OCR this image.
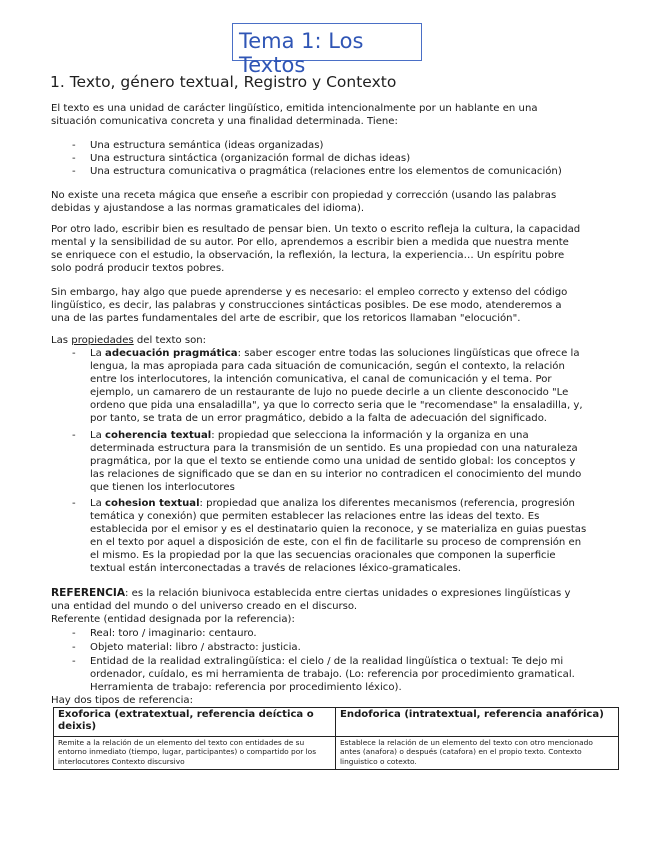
Tema 1: Los Textos
1. Texto, género textual, Registro y Contexto
El texto es una unidad de carácter lingüístico, emitida intencionalmente por un hablante en una
situación comunicativa concreta y una finalidad determinada. Tiene:
- Una estructura semántica (ideas organizadas)
- Una estructura sintáctica (organización formal de dichas ideas)
- Una estructura comunicativa o pragmática (relaciones entre los elementos de comunicación)
No existe una receta mágica que enseñe a escribir con propiedad y corrección (usando las palabras
debidas y ajustandose a las normas gramaticales del idioma).
Por otro lado, escribir bien es resultado de pensar bien. Un texto o escrito refleja la cultura, la capacidad
mental y la sensibilidad de su autor. Por ello, aprendemos a escribir bien a medida que nuestra mente
se enriquece con el estudio, la observación, la reflexión, la lectura, la experiencia… Un espíritu pobre
solo podrá producir textos pobres.
Sin embargo, hay algo que puede aprenderse y es necesario: el empleo correcto y extenso del código
lingüístico, es decir, las palabras y construcciones sintácticas posibles. De ese modo, atenderemos a
una de las partes fundamentales del arte de escribir, que los retoricos llamaban "elocución".
Las propiedades del texto son:
- La adecuación pragmática: saber escoger entre todas las soluciones lingüísticas que ofrece la
lengua, la mas apropiada para cada situación de comunicación, según el contexto, la relación
entre los interlocutores, la intención comunicativa, el canal de comunicación y el tema. Por
ejemplo, un camarero de un restaurante de lujo no puede decirle a un cliente desconocido "Le
ordeno que pida una ensaladilla", ya que lo correcto seria que le "recomendase" la ensaladilla, y,
por tanto, se trata de un error pragmático, debido a la falta de adecuación del significado.
- La coherencia textual: propiedad que selecciona la información y la organiza en una
determinada estructura para la transmisión de un sentido. Es una propiedad con una naturaleza
pragmática, por la que el texto se entiende como una unidad de sentido global: los conceptos y
las relaciones de significado que se dan en su interior no contradicen el conocimiento del mundo
que tienen los interlocutores
- La cohesion textual: propiedad que analiza los diferentes mecanismos (referencia, progresión
temática y conexión) que permiten establecer las relaciones entre las ideas del texto. Es
establecida por el emisor y es el destinatario quien la reconoce, y se materializa en guias puestas
en el texto por aquel a disposición de este, con el fin de facilitarle su proceso de comprensión en
el mismo. Es la propiedad por la que las secuencias oracionales que componen la superficie
textual están interconectadas a través de relaciones léxico-gramaticales.
REFERENCIA: es la relación biunivoca establecida entre ciertas unidades o expresiones lingüísticas y
una entidad del mundo o del universo creado en el discurso.
Referente (entidad designada por la referencia):
- Real: toro / imaginario: centauro.
- Objeto material: libro / abstracto: justicia.
- Entidad de la realidad extralingüística: el cielo / de la realidad lingüística o textual: Te dejo mi
ordenador, cuídalo, es mi herramienta de trabajo. (Lo: referencia por procedimiento gramatical.
Herramienta de trabajo: referencia por procedimiento léxico).
Hay dos tipos de referencia:
Exoforica (extratextual, referencia deíctica o deixis)	Endoforica (intratextual, referencia anafórica)
Remite a la relación de un elemento del texto con entidades de su entorno inmediato (tiempo, lugar, participantes) o compartido por los interlocutores Contexto discursivo	Establece la relación de un elemento del texto con otro mencionado antes (anafora) o después (catafora) en el propio texto. Contexto linguistico o cotexto.
